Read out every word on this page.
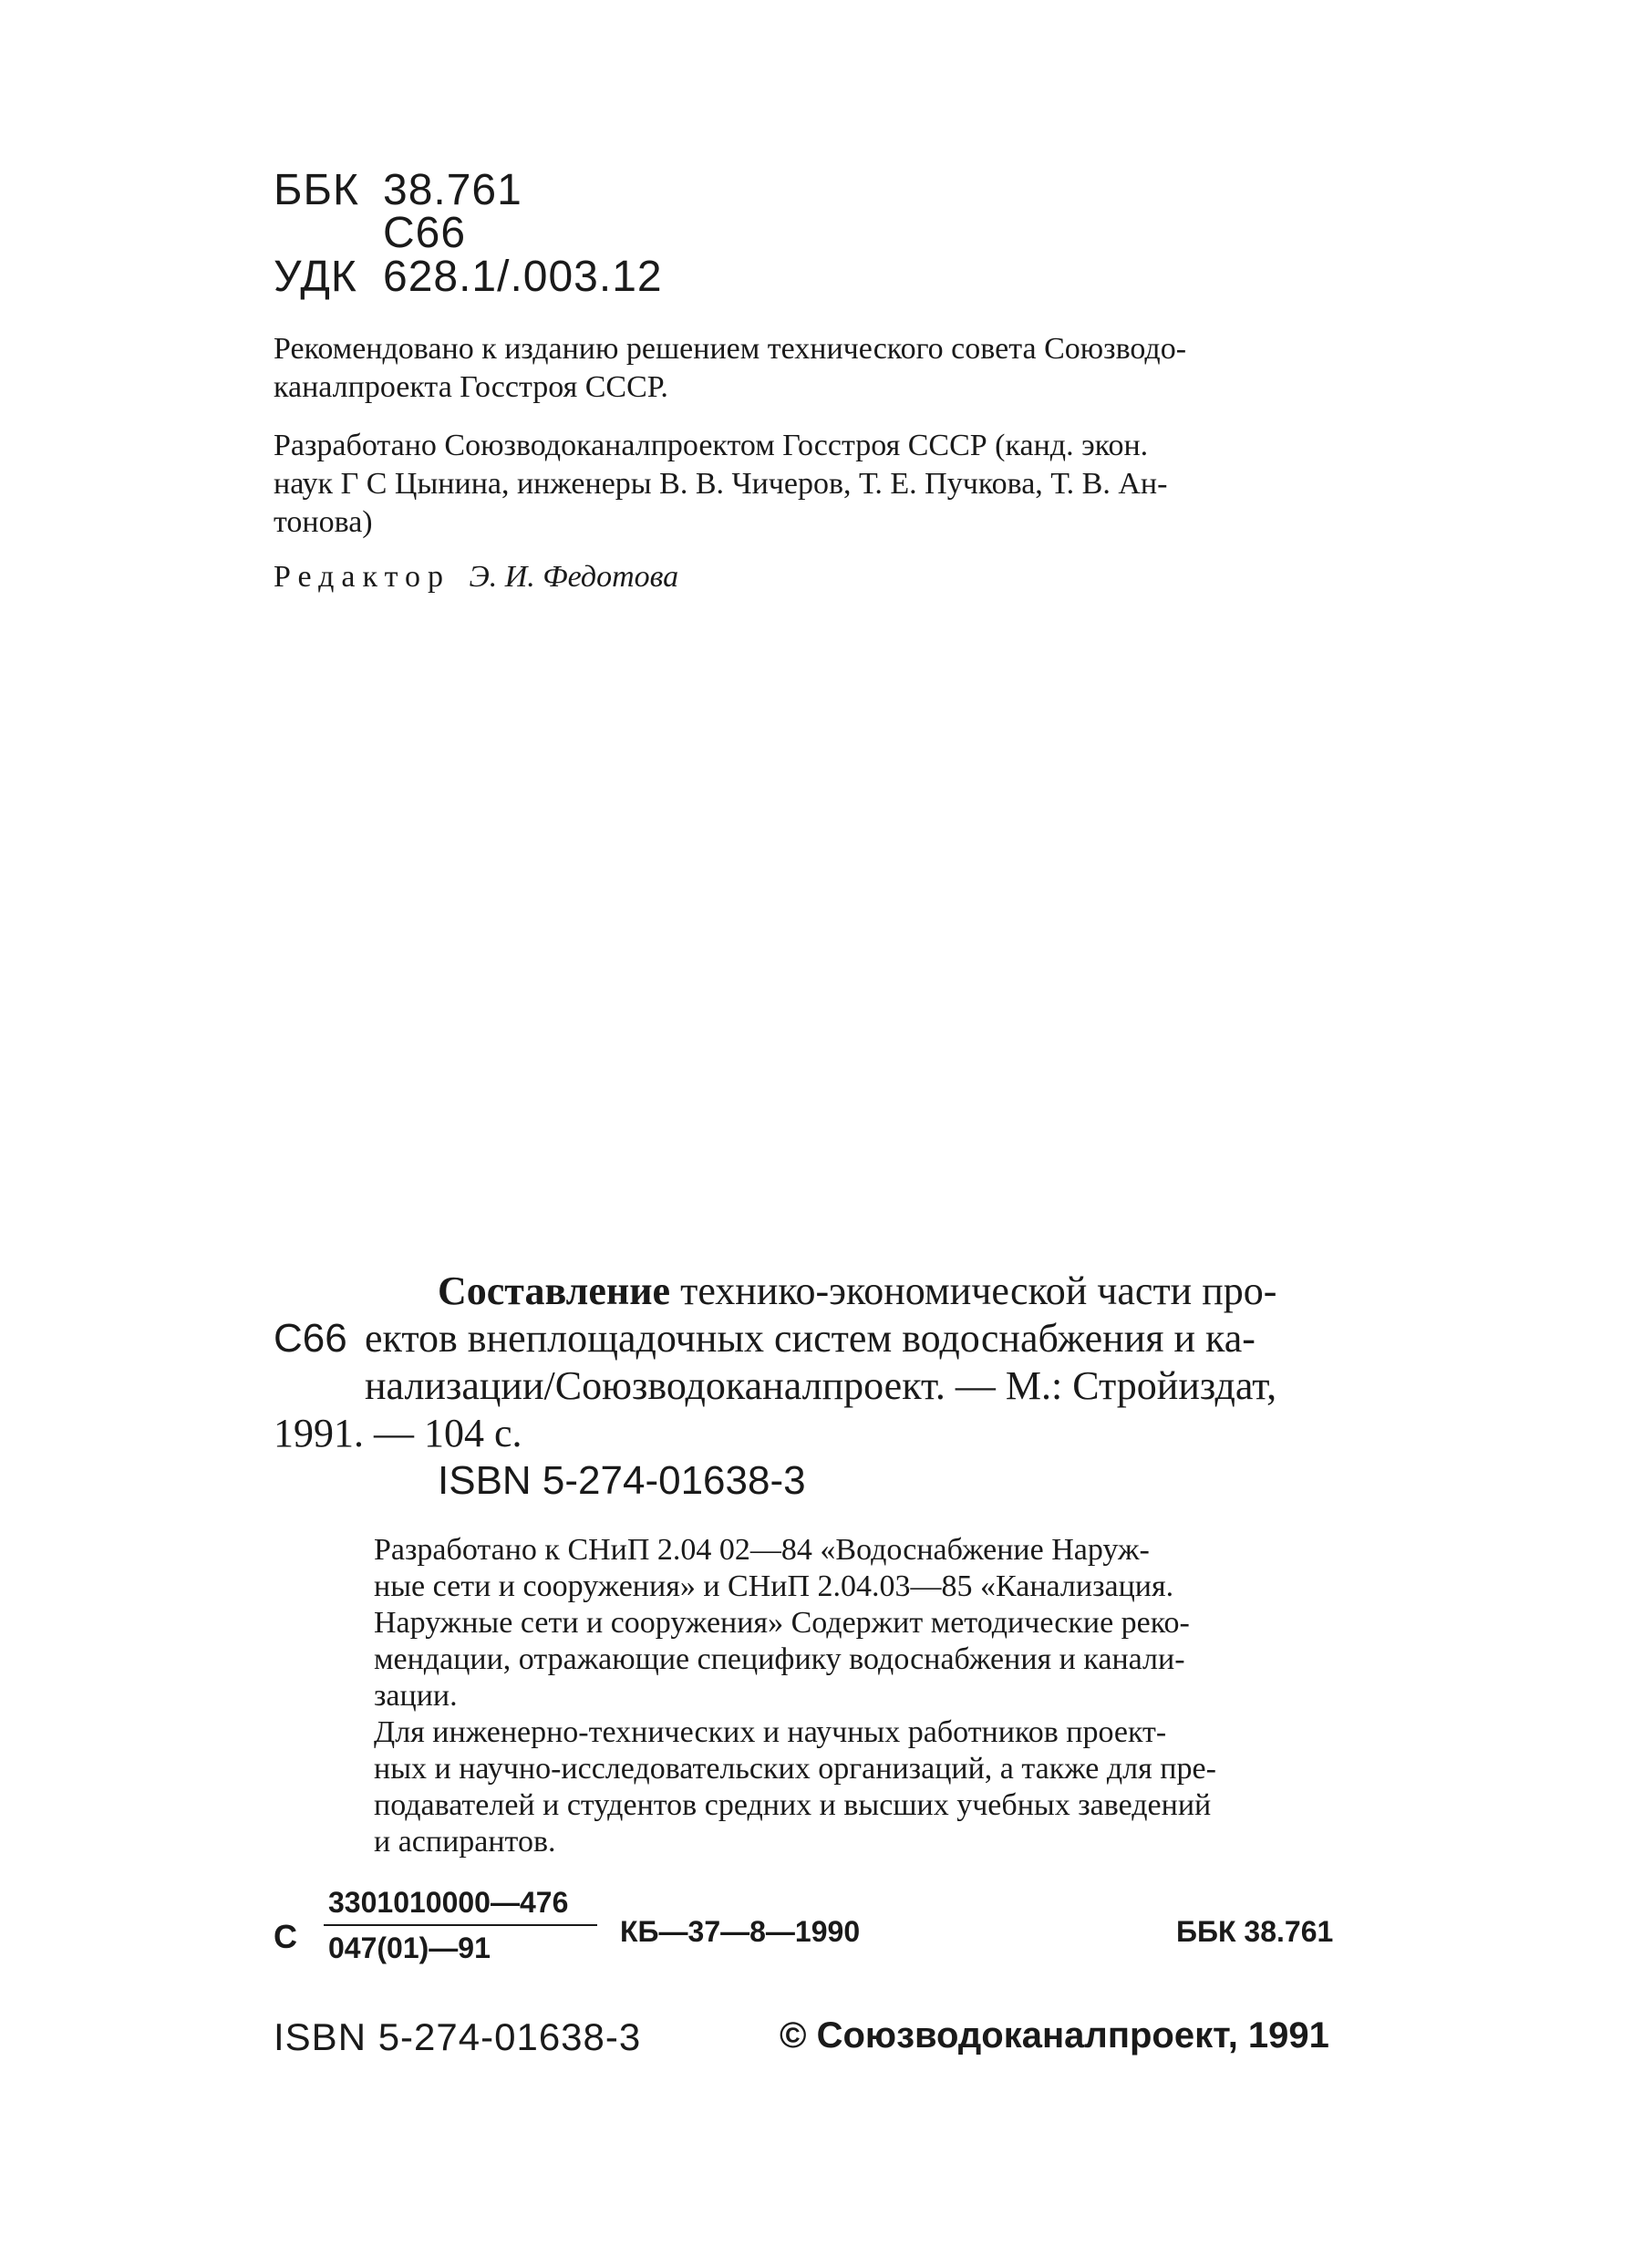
ББК 38.761
С66
УДК 628.1/.003.12
Рекомендовано к изданию решением технического совета Союзводо-
каналпроекта Госстроя СССР.
Разработано Союзводоканалпроектом Госстроя СССР (канд. экон.
наук Г С Цынина, инженеры В. В. Чичеров, Т. Е. Пучкова, Т. В. Ан-
тонова)
Редактор Э. И. Федотова
Составление технико-экономической части про-
С66 ектов внеплощадочных систем водоснабжения и ка-
нализации/Союзводоканалпроект. — М.: Стройиздат,
1991. — 104 с.
ISBN 5-274-01638-3
Разработано к СНиП 2.04 02—84 «Водоснабжение Наруж-
ные сети и сооружения» и СНиП 2.04.03—85 «Канализация.
Наружные сети и сооружения» Содержит методические реко-
мендации, отражающие специфику водоснабжения и канали-
зации.
Для инженерно-технических и научных работников проект-
ных и научно-исследовательских организаций, а также для пре-
подавателей и студентов средних и высших учебных заведений
и аспирантов.
С
3301010000—476
047(01)—91	КБ—37—8—1990	ББК 38.761
ISBN 5-274-01638-3	© Союзводоканалпроект, 1991
